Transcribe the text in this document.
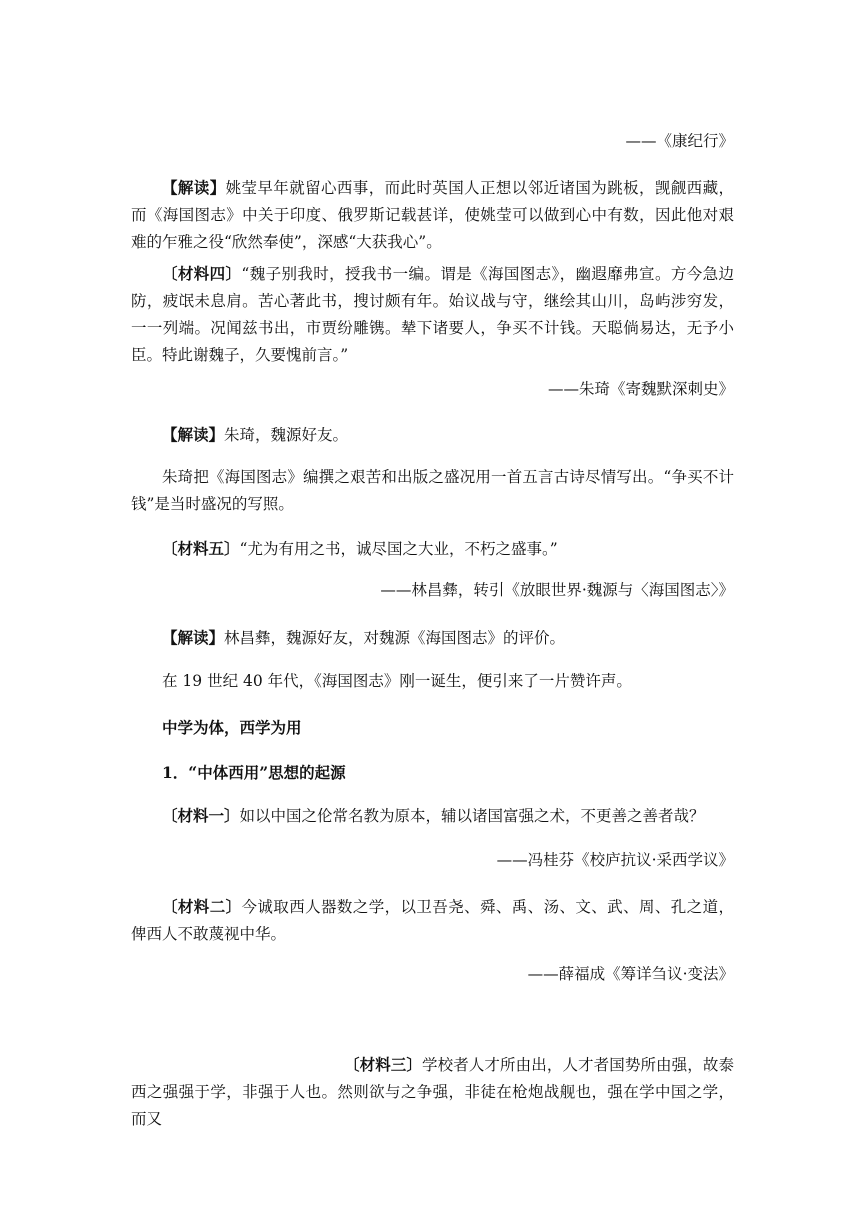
——《康纪行》
【解读】姚莹早年就留心西事，而此时英国人正想以邻近诸国为跳板，觊觎西藏，而《海国图志》中关于印度、俄罗斯记载甚详，使姚莹可以做到心中有数，因此他对艰难的乍雅之役“欣然奉使”，深感“大获我心”。
〔材料四〕“魏子别我时，授我书一编。谓是《海国图志》，幽遐靡弗宣。方今急边防，疲氓未息肩。苦心著此书，搜讨颇有年。始议战与守，继绘其山川，岛屿涉穷发，一一列端。况闻兹书出，市贾纷雕镌。辇下诸要人，争买不计钱。天聪倘易达，无予小臣。特此谢魏子，久要愧前言。”
——朱琦《寄魏默深刺史》
【解读】朱琦，魏源好友。
朱琦把《海国图志》编撰之艰苦和出版之盛况用一首五言古诗尽情写出。“争买不计钱”是当时盛况的写照。
〔材料五〕“尤为有用之书，诚尽国之大业，不朽之盛事。”
——林昌彝，转引《放眼世界·魏源与〈海国图志〉》
【解读】林昌彝，魏源好友，对魏源《海国图志》的评价。
在 19 世纪 40 年代，《海国图志》刚一诞生，便引来了一片赞许声。
中学为体，西学为用
1．“中体西用”思想的起源
〔材料一〕如以中国之伦常名教为原本，辅以诸国富强之术，不更善之善者哉？
——冯桂芬《校庐抗议·采西学议》
〔材料二〕今诚取西人器数之学，以卫吾尧、舜、禹、汤、文、武、周、孔之道，俾西人不敢蔑视中华。
——薛福成《筹详刍议·变法》
〔材料三〕学校者人才所由出，人才者国势所由强，故泰西之强强于学，非强于人也。然则欲与之争强，非徒在枪炮战舰也，强在学中国之学，而又
